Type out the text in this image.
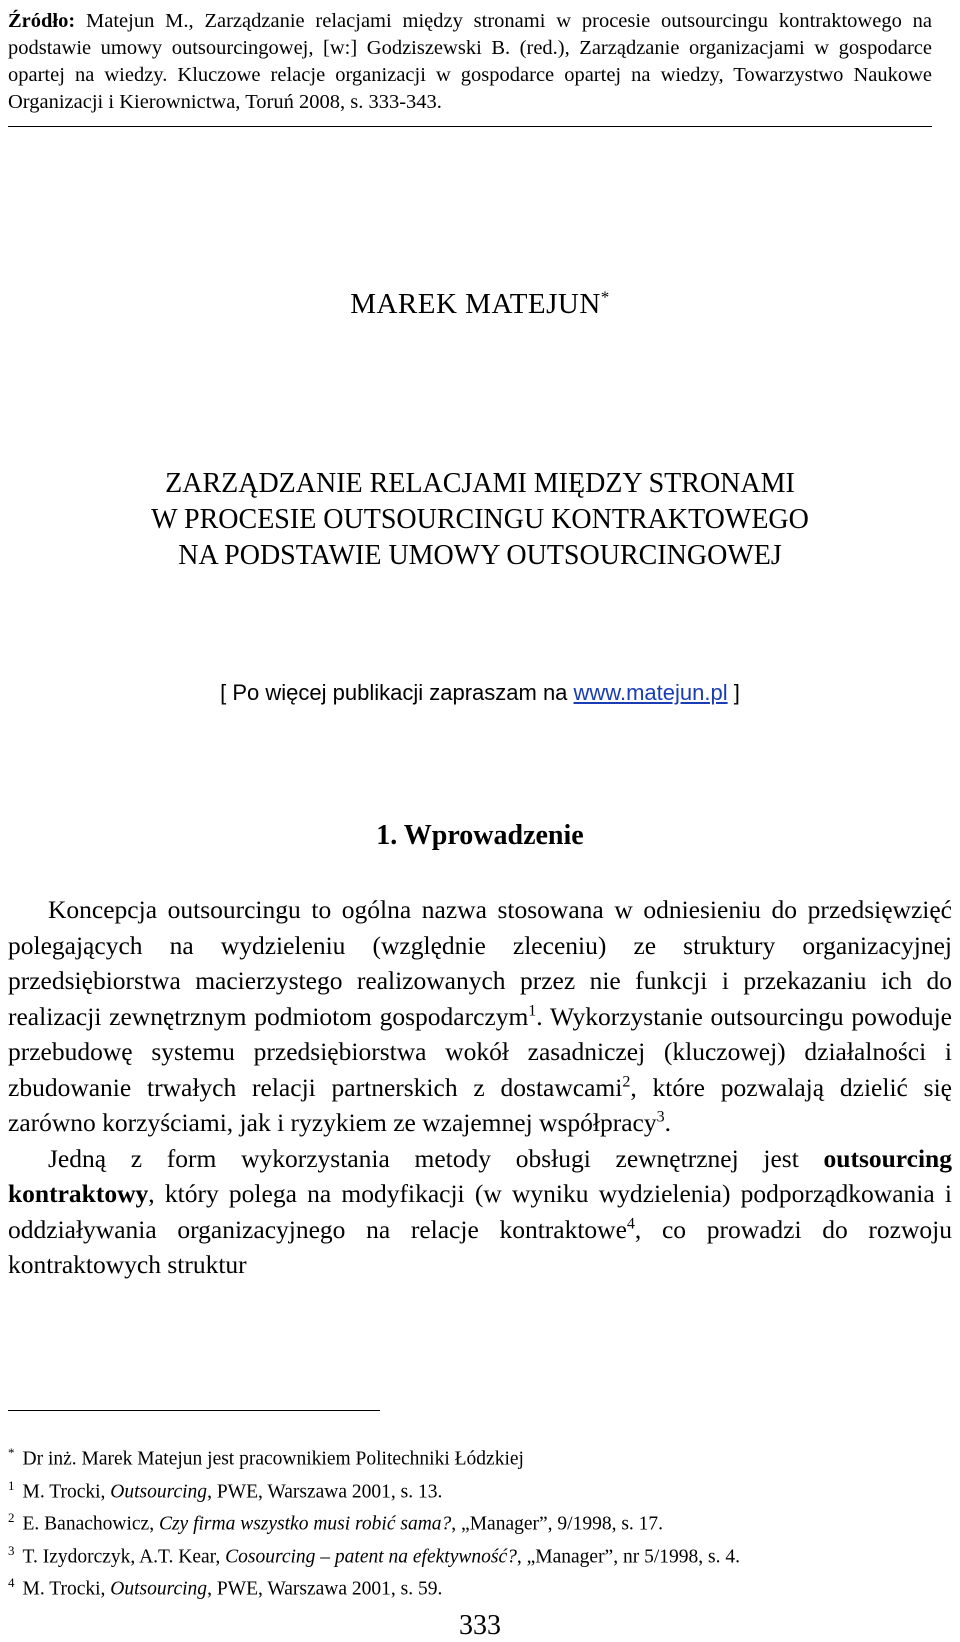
Źródło: Matejun M., Zarządzanie relacjami między stronami w procesie outsourcingu kontraktowego na podstawie umowy outsourcingowej, [w:] Godziszewski B. (red.), Zarządzanie organizacjami w gospodarce opartej na wiedzy. Kluczowe relacje organizacji w gospodarce opartej na wiedzy, Towarzystwo Naukowe Organizacji i Kierownictwa, Toruń 2008, s. 333-343.
MAREK MATEJUN*
ZARZĄDZANIE RELACJAMI MIĘDZY STRONAMI
W PROCESIE OUTSOURCINGU KONTRAKTOWEGO
NA PODSTAWIE UMOWY OUTSOURCINGOWEJ
[ Po więcej publikacji zapraszam na www.matejun.pl ]
1. Wprowadzenie

Koncepcja outsourcingu to ogólna nazwa stosowana w odniesieniu do przedsięwzięć polegających na wydzieleniu (względnie zleceniu) ze struktury organizacyjnej przedsiębiorstwa macierzystego realizowanych przez nie funkcji i przekazaniu ich do realizacji zewnętrznym podmiotom gospodarczym$^1$. Wykorzystanie outsourcingu powoduje przebudowę systemu przedsiębiorstwa wokół zasadniczej (kluczowej) działalności i zbudowanie trwałych relacji partnerskich z dostawcami$^2$, które pozwalają dzielić się zarówno korzyściami, jak i ryzykiem ze wzajemnej współpracy$^3$.

Jedną z form wykorzystania metody obsługi zewnętrznej jest outsourcing kontraktowy, który polega na modyfikacji (w wyniku wydzielenia) podporządkowania i oddziaływania organizacyjnego na relacje kontraktowe$^4$, co prowadzi do rozwoju kontraktowych struktur

* Dr inż. Marek Matejun jest pracownikiem Politechniki Łódzkiej
$^1$ M. Trocki, Outsourcing, PWE, Warszawa 2001, s. 13.
$^2$ E. Banachowicz, Czy firma wszystko musi robić sama?, „Manager”, 9/1998, s. 17.
$^3$ T. Izydorczyk, A.T. Kear, Cosourcing – patent na efektywność?, „Manager”, nr 5/1998, s. 4.
$^4$ M. Trocki, Outsourcing, PWE, Warszawa 2001, s. 59.
333
